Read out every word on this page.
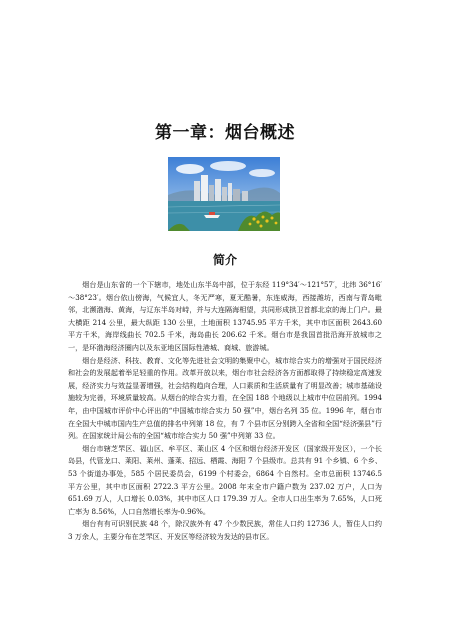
第一章：烟台概述
简介

烟台是山东省的一个下辖市，地处山东半岛中部，位于东经 119°34′～121°57′，北纬 36°16′～38°23′。烟台依山傍海，气候宜人，冬无严寒，夏无酷暑，东连威海，西接潍坊，西南与青岛毗邻，北濒渤海、黄海，与辽东半岛对峙，并与大连隔海相望，共同形成拱卫首都北京的海上门户。最大横距 214 公里，最大纵距 130 公里，土地面积 13745.95 平方千米，其中市区面积 2643.60 平方千米，海岸线曲长 702.5 千米，海岛曲长 206.62 千米。烟台市是我国首批沿海开放城市之一，是环渤海经济圈内以及东亚地区国际性港城、商城、旅游城。

烟台是经济、科技、教育、文化等先进社会文明的集聚中心，城市综合实力的增强对于国民经济和社会的发展起着举足轻重的作用。改革开放以来，烟台市社会经济各方面都取得了持续稳定高速发展，经济实力与效益显著增强，社会结构趋向合理，人口素质和生活质量有了明显改善；城市基础设施较为完善，环境质量较高。从烟台的综合实力看，在全国 188 个地级以上城市中位居前列。1994 年，由中国城市评价中心评出的“中国城市综合实力 50 强”中，烟台名列 35 位。1996 年，烟台市在全国大中城市国内生产总值的排名中列第 18 位，有 7 个县市区分别跨入全省和全国“经济强县”行列。在国家统计局公布的全国“城市综合实力 50 强”中列第 33 位。

烟台市辖芝罘区、福山区、牟平区、莱山区 4 个区和烟台经济开发区（国家级开发区），一个长岛县，代管龙口、莱阳、莱州、蓬莱、招远、栖霞、海阳 7 个县级市。总共有 91 个乡镇、6 个乡、53 个街道办事处，585 个居民委员会，6199 个村委会，6864 个自然村。全市总面积 13746.5 平方公里，其中市区面积 2722.3 平方公里。2008 年末全市户籍户数为 237.02 万户，人口为 651.69 万人，人口增长 0.03%，其中市区人口 179.39 万人。全市人口出生率为 7.65%，人口死亡率为 8.56%，人口自然增长率为-0.96%。

烟台有有可识别民族 48 个，除汉族外有 47 个少数民族，常住人口约 12736 人，暂住人口约 3 万余人，主要分布在芝罘区、开发区等经济较为发达的县市区。
